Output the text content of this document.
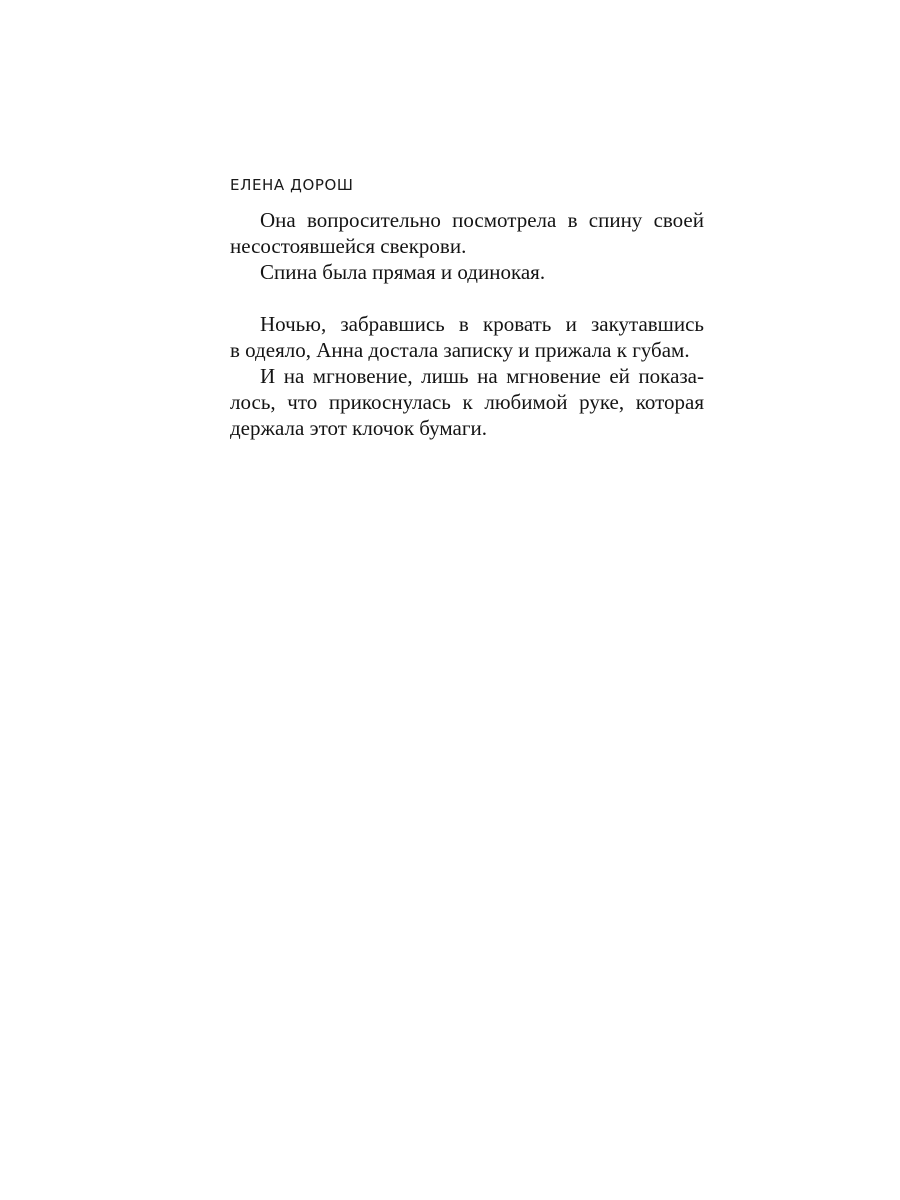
ЕЛЕНА ДОРОШ
Она вопросительно посмотрела в спину своей
несостоявшейся свекрови.
Спина была прямая и одинокая.
Ночью, забравшись в кровать и закутавшись
в одеяло, Анна достала записку и прижала к губам.
И на мгновение, лишь на мгновение ей показа-
лось, что прикоснулась к любимой руке, которая
держала этот клочок бумаги.
